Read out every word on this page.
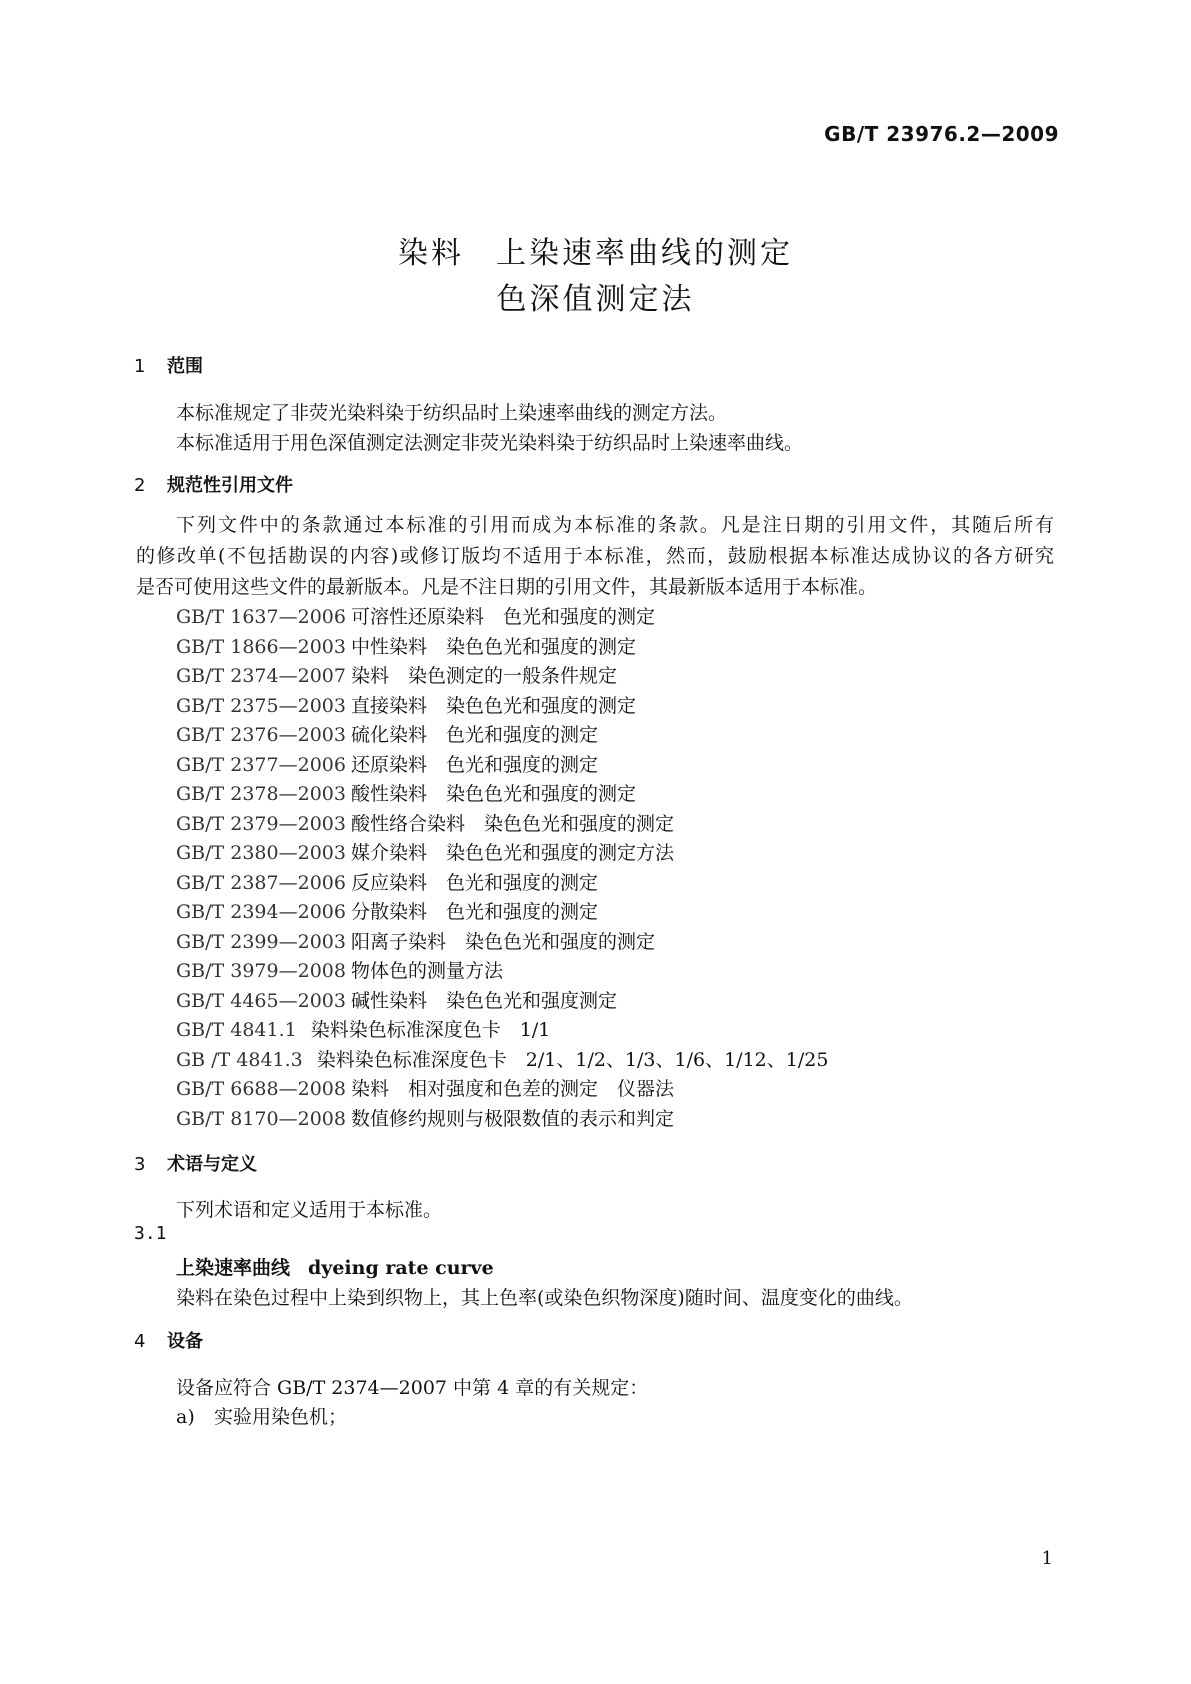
GB/T 23976.2—2009
染料 上染速率曲线的测定
色深值测定法
1 范围
本标准规定了非荧光染料染于纺织品时上染速率曲线的测定方法。
本标准适用于用色深值测定法测定非荧光染料染于纺织品时上染速率曲线。
2 规范性引用文件
下列文件中的条款通过本标准的引用而成为本标准的条款。凡是注日期的引用文件，其随后所有
的修改单(不包括勘误的内容)或修订版均不适用于本标准，然而，鼓励根据本标准达成协议的各方研究
是否可使用这些文件的最新版本。凡是不注日期的引用文件，其最新版本适用于本标准。
GB/T 1637—2006 可溶性还原染料　色光和强度的测定
GB/T 1866—2003 中性染料　染色色光和强度的测定
GB/T 2374—2007 染料　染色测定的一般条件规定
GB/T 2375—2003 直接染料　染色色光和强度的测定
GB/T 2376—2003 硫化染料　色光和强度的测定
GB/T 2377—2006 还原染料　色光和强度的测定
GB/T 2378—2003 酸性染料　染色色光和强度的测定
GB/T 2379—2003 酸性络合染料　染色色光和强度的测定
GB/T 2380—2003 媒介染料　染色色光和强度的测定方法
GB/T 2387—2006 反应染料　色光和强度的测定
GB/T 2394—2006 分散染料　色光和强度的测定
GB/T 2399—2003 阳离子染料　染色色光和强度的测定
GB/T 3979—2008 物体色的测量方法
GB/T 4465—2003 碱性染料　染色色光和强度测定
GB/T 4841.1 染料染色标准深度色卡　1/1
GB /T 4841.3 染料染色标准深度色卡　2/1、1/2、1/3、1/6、1/12、1/25
GB/T 6688—2008 染料　相对强度和色差的测定　仪器法
GB/T 8170—2008 数值修约规则与极限数值的表示和判定
3 术语与定义
下列术语和定义适用于本标准。
3.1
上染速率曲线 dyeing rate curve
染料在染色过程中上染到织物上，其上色率(或染色织物深度)随时间、温度变化的曲线。
4 设备
设备应符合 GB/T 2374—2007 中第 4 章的有关规定：
a) 实验用染色机；
1
